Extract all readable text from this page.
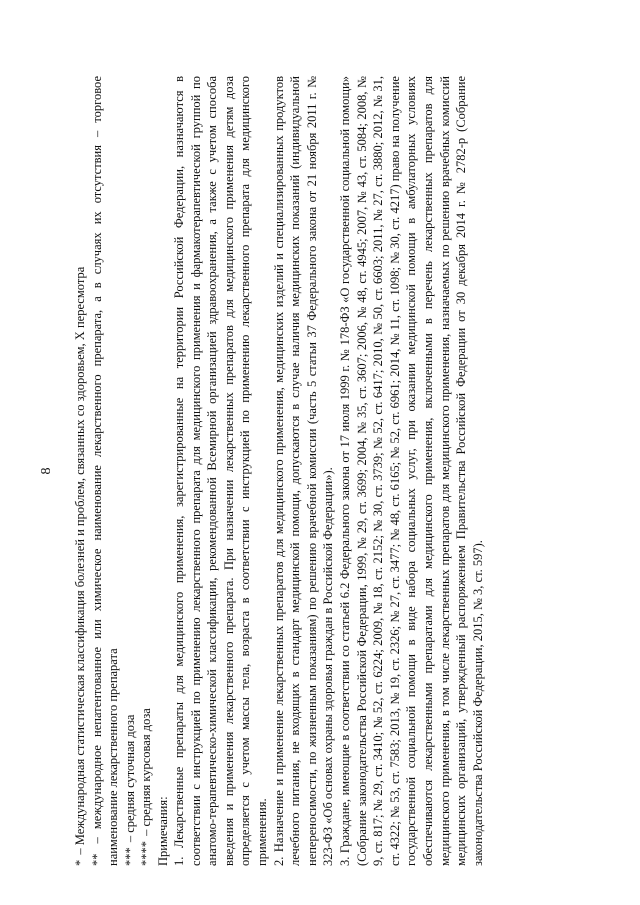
8
* – Международная статистическая классификация болезней и проблем, связанных со здоровьем, X пересмотра
** – международное непатентованное или химическое наименование лекарственного препарата, а в случаях их отсутствия – торговое наименование лекарственного препарата *** – средняя суточная доза
**** – средняя курсовая доза Примечания: 1. Лекарственные препараты для медицинского применения, зарегистрированные на территории Российской Федерации, назначаются в соответствии с инструкцией по применению лекарственного препарата для медицинского применения и фармакотерапевтической группой по анатомо-терапевтическо-химической классификации, рекомендованной Всемирной организацией здравоохранения, а также с учетом способа введения и применения лекарственного препарата. При назначении лекарственных препаратов для медицинского применения детям доза определяется с учетом массы тела, возраста в соответствии с инструкцией по применению лекарственного препарата для медицинского применения. 2. Назначение и применение лекарственных препаратов для медицинского применения, медицинских изделий и специализированных продуктов лечебного питания, не входящих в стандарт медицинской помощи, допускаются в случае наличия медицинских показаний (индивидуальной непереносимости, по жизненным показаниям) по решению врачебной комиссии (часть 5 статьи 37 Федерального закона от 21 ноября 2011 г. № 323-ФЗ «Об основах охраны здоровья граждан в Российской Федерации»). 3. Граждане, имеющие в соответствии со статьей 6.2 Федерального закона от 17 июля 1999 г. № 178-ФЗ «О государственной социальной помощи» (Собрание законодательства Российской Федерации, 1999, № 29, ст. 3699; 2004, № 35, ст. 3607; 2006, № 48, ст. 4945; 2007, № 43, ст. 5084; 2008, № 9, ст. 817; № 29, ст. 3410; № 52, ст. 6224; 2009, № 18, ст. 2152; № 30, ст. 3739; № 52, ст. 6417; 2010, № 50, ст. 6603; 2011, № 27, ст. 3880; 2012, № 31, ст. 4322; № 53, ст. 7583; 2013, № 19, ст. 2326; № 27, ст. 3477; № 48, ст. 6165; № 52, ст. 6961; 2014, № 11, ст. 1098; № 30, ст. 4217) право на получение государственной социальной помощи в виде набора социальных услуг, при оказании медицинской помощи в амбулаторных условиях обеспечиваются лекарственными препаратами для медицинского применения, включенными в перечень лекарственных препаратов для медицинского применения, в том числе лекарственных препаратов для медицинского применения, назначаемых по решению врачебных комиссий медицинских организаций, утвержденный распоряжением Правительства Российской Федерации от 30 декабря 2014 г. № 2782-р (Собрание законодательства Российской Федерации, 2015, № 3, ст. 597).
